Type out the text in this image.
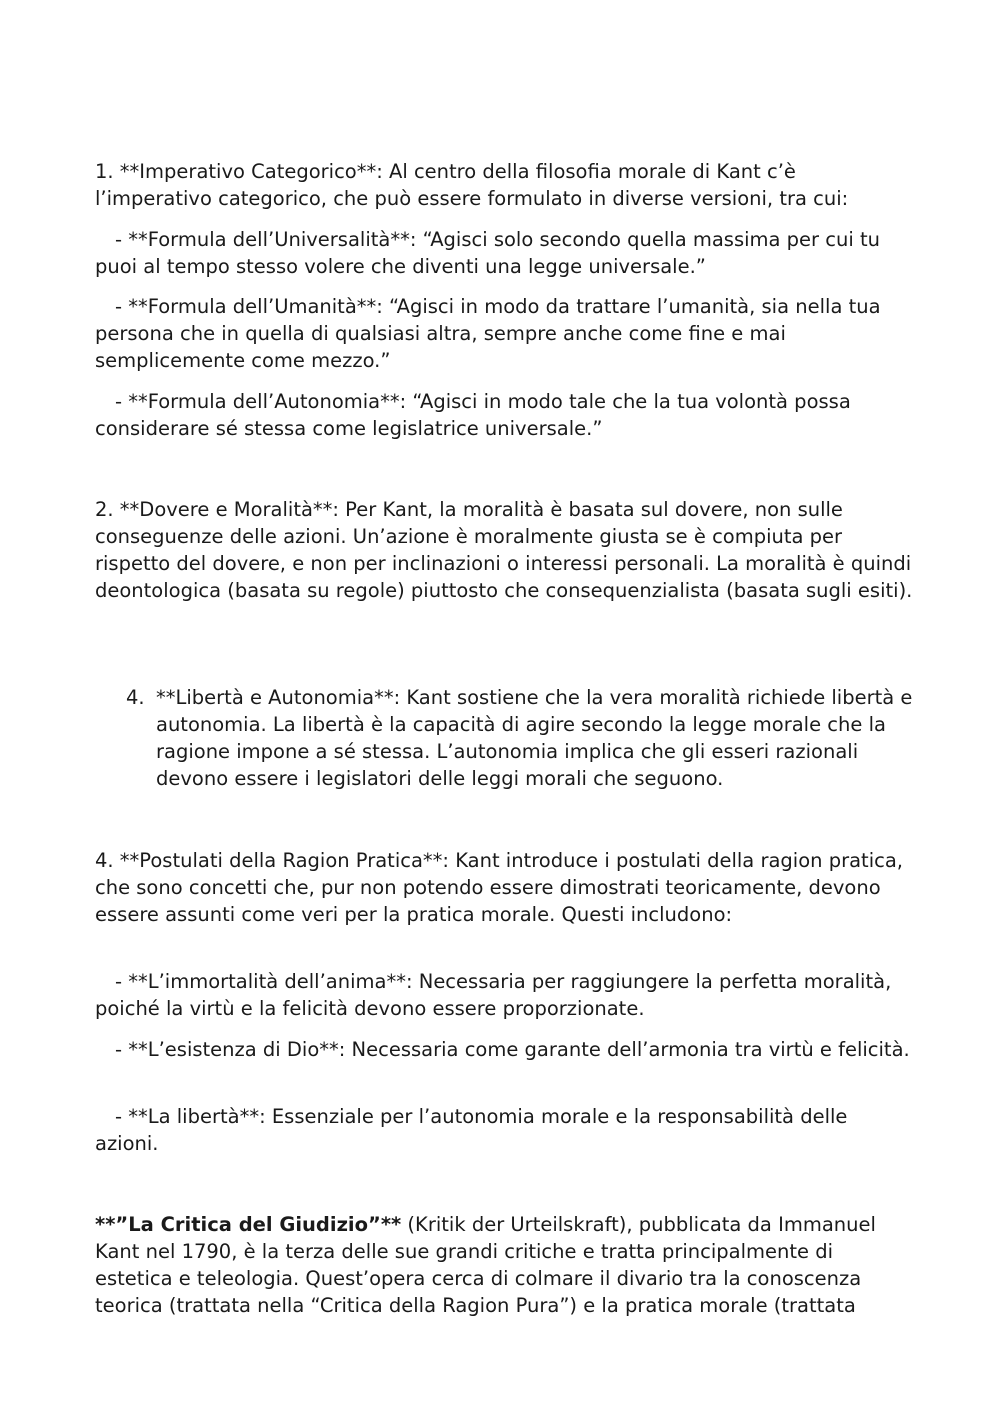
1. **Imperativo Categorico**: Al centro della filosofia morale di Kant c’è l’imperativo categorico, che può essere formulato in diverse versioni, tra cui:

- **Formula dell’Universalità**: “Agisci solo secondo quella massima per cui tu puoi al tempo stesso volere che diventi una legge universale.”

- **Formula dell’Umanità**: “Agisci in modo da trattare l’umanità, sia nella tua persona che in quella di qualsiasi altra, sempre anche come fine e mai semplicemente come mezzo.”

- **Formula dell’Autonomia**: “Agisci in modo tale che la tua volontà possa considerare sé stessa come legislatrice universale.”

2. **Dovere e Moralità**: Per Kant, la moralità è basata sul dovere, non sulle conseguenze delle azioni. Un’azione è moralmente giusta se è compiuta per rispetto del dovere, e non per inclinazioni o interessi personali. La moralità è quindi deontologica (basata su regole) piuttosto che consequenzialista (basata sugli esiti).

4. **Libertà e Autonomia**: Kant sostiene che la vera moralità richiede libertà e autonomia. La libertà è la capacità di agire secondo la legge morale che la ragione impone a sé stessa. L’autonomia implica che gli esseri razionali devono essere i legislatori delle leggi morali che seguono.

4. **Postulati della Ragion Pratica**: Kant introduce i postulati della ragion pratica, che sono concetti che, pur non potendo essere dimostrati teoricamente, devono essere assunti come veri per la pratica morale. Questi includono:

- **L’immortalità dell’anima**: Necessaria per raggiungere la perfetta moralità, poiché la virtù e la felicità devono essere proporzionate.

- **L’esistenza di Dio**: Necessaria come garante dell’armonia tra virtù e felicità.

- **La libertà**: Essenziale per l’autonomia morale e la responsabilità delle azioni.

**”La Critica del Giudizio”** (Kritik der Urteilskraft), pubblicata da Immanuel Kant nel 1790, è la terza delle sue grandi critiche e tratta principalmente di estetica e teleologia. Quest’opera cerca di colmare il divario tra la conoscenza teorica (trattata nella “Critica della Ragion Pura”) e la pratica morale (trattata
